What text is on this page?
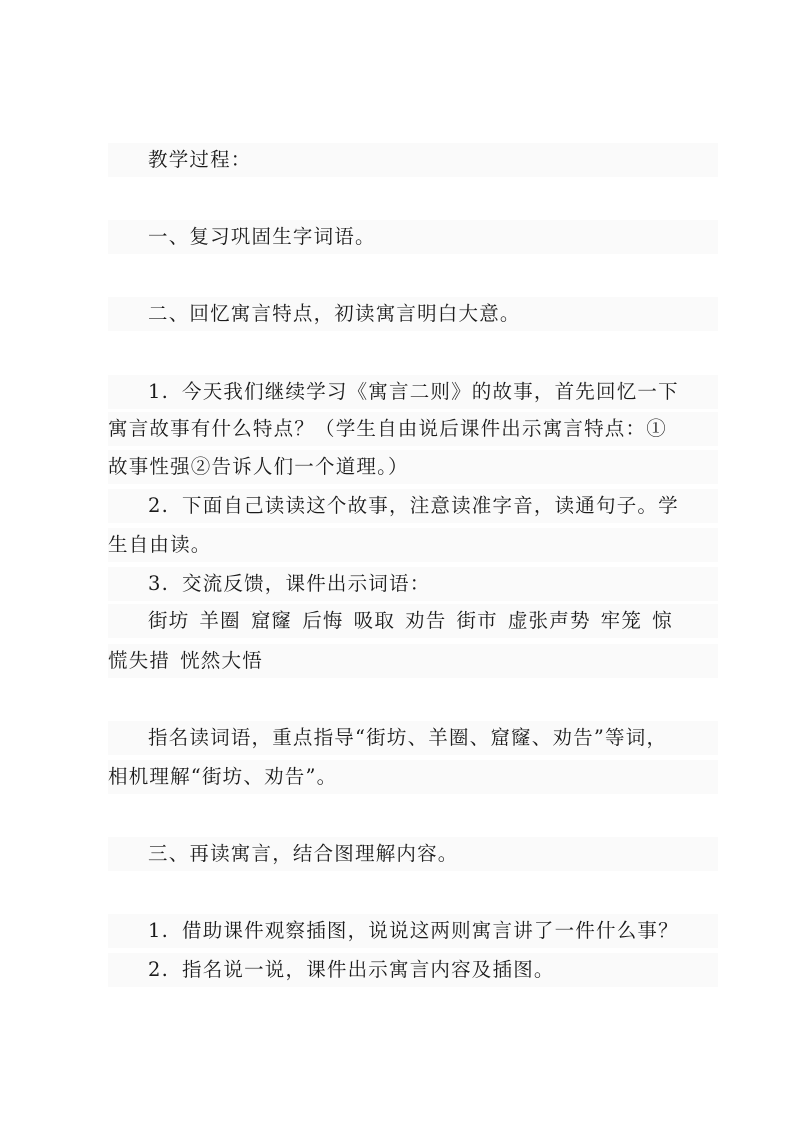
教学过程：
一、复习巩固生字词语。
二、回忆寓言特点，初读寓言明白大意。
1. 今天我们继续学习《寓言二则》的故事，首先回忆一下
寓言故事有什么特点？（学生自由说后课件出示寓言特点：①
故事性强②告诉人们一个道理。）
2. 下面自己读读这个故事，注意读准字音，读通句子。学
生自由读。
3. 交流反馈，课件出示词语：
街坊 羊圈 窟窿 后悔 吸取 劝告 街市 虚张声势 牢笼 惊
慌失措 恍然大悟
指名读词语，重点指导“街坊、羊圈、窟窿、劝告”等词，
相机理解“街坊、劝告”。
三、再读寓言，结合图理解内容。
1. 借助课件观察插图，说说这两则寓言讲了一件什么事？
2. 指名说一说，课件出示寓言内容及插图。
